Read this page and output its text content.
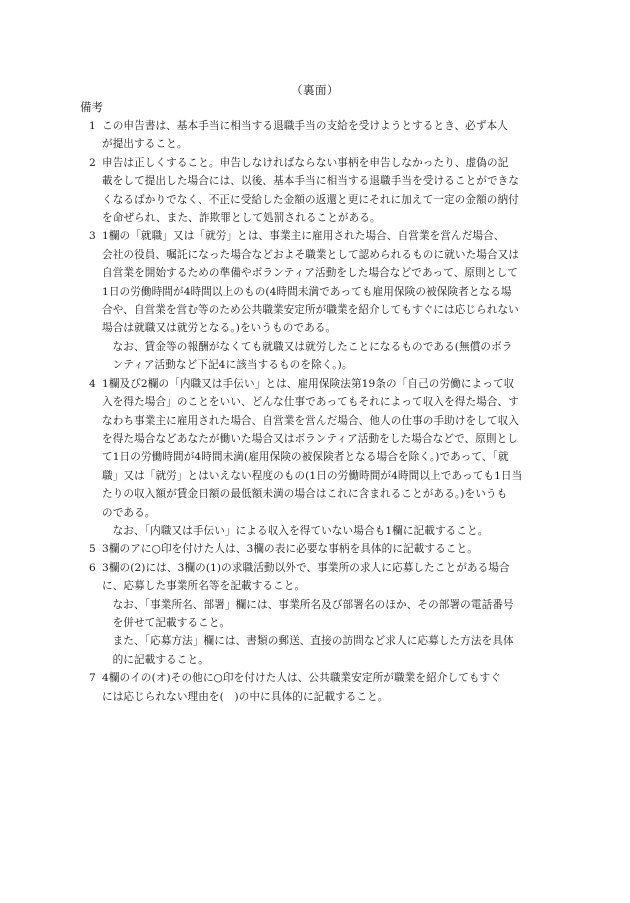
（裏面）
備考
1 この申告書は、基本手当に相当する退職手当の支給を受けようとするとき、必ず本人
が提出すること。
2 申告は正しくすること。申告しなければならない事柄を申告しなかったり、虚偽の記
載をして提出した場合には、以後、基本手当に相当する退職手当を受けることができな
くなるばかりでなく、不正に受給した金額の返還と更にそれに加えて一定の金額の納付
を命ぜられ、また、詐欺罪として処罰されることがある。
3 1欄の「就職」又は「就労」とは、事業主に雇用された場合、自営業を営んだ場合、
会社の役員、嘱託になった場合などおよそ職業として認められるものに就いた場合又は
自営業を開始するための準備やボランティア活動をした場合などであって、原則として
1日の労働時間が4時間以上のもの(4時間未満であっても雇用保険の被保険者となる場
合や、自営業を営む等のため公共職業安定所が職業を紹介してもすぐには応じられない
場合は就職又は就労となる。)をいうものである。
なお、賃金等の報酬がなくても就職又は就労したことになるものである(無償のボラ
ンティア活動など下記4に該当するものを除く。)。
4 1欄及び2欄の「内職又は手伝い」とは、雇用保険法第19条の「自己の労働によって収
入を得た場合」のことをいい、どんな仕事であってもそれによって収入を得た場合、す
なわち事業主に雇用された場合、自営業を営んだ場合、他人の仕事の手助けをして収入
を得た場合などあなたが働いた場合又はボランティア活動をした場合などで、原則とし
て1日の労働時間が4時間未満(雇用保険の被保険者となる場合を除く。)であって、「就
職」又は「就労」とはいえない程度のもの(1日の労働時間が4時間以上であっても1日当
たりの収入額が賃金日額の最低額未満の場合はこれに含まれることがある。)をいうも
のである。
なお、「内職又は手伝い」による収入を得ていない場合も1欄に記載すること。
5 3欄のアに○印を付けた人は、3欄の表に必要な事柄を具体的に記載すること。
6 3欄の(2)には、3欄の(1)の求職活動以外で、事業所の求人に応募したことがある場合
に、応募した事業所名等を記載すること。
なお、「事業所名、部署」欄には、事業所名及び部署名のほか、その部署の電話番号
を併せて記載すること。
また、「応募方法」欄には、書類の郵送、直接の訪問など求人に応募した方法を具体
的に記載すること。
7 4欄のイの(オ)その他に○印を付けた人は、公共職業安定所が職業を紹介してもすぐ
には応じられない理由を(　)の中に具体的に記載すること。
